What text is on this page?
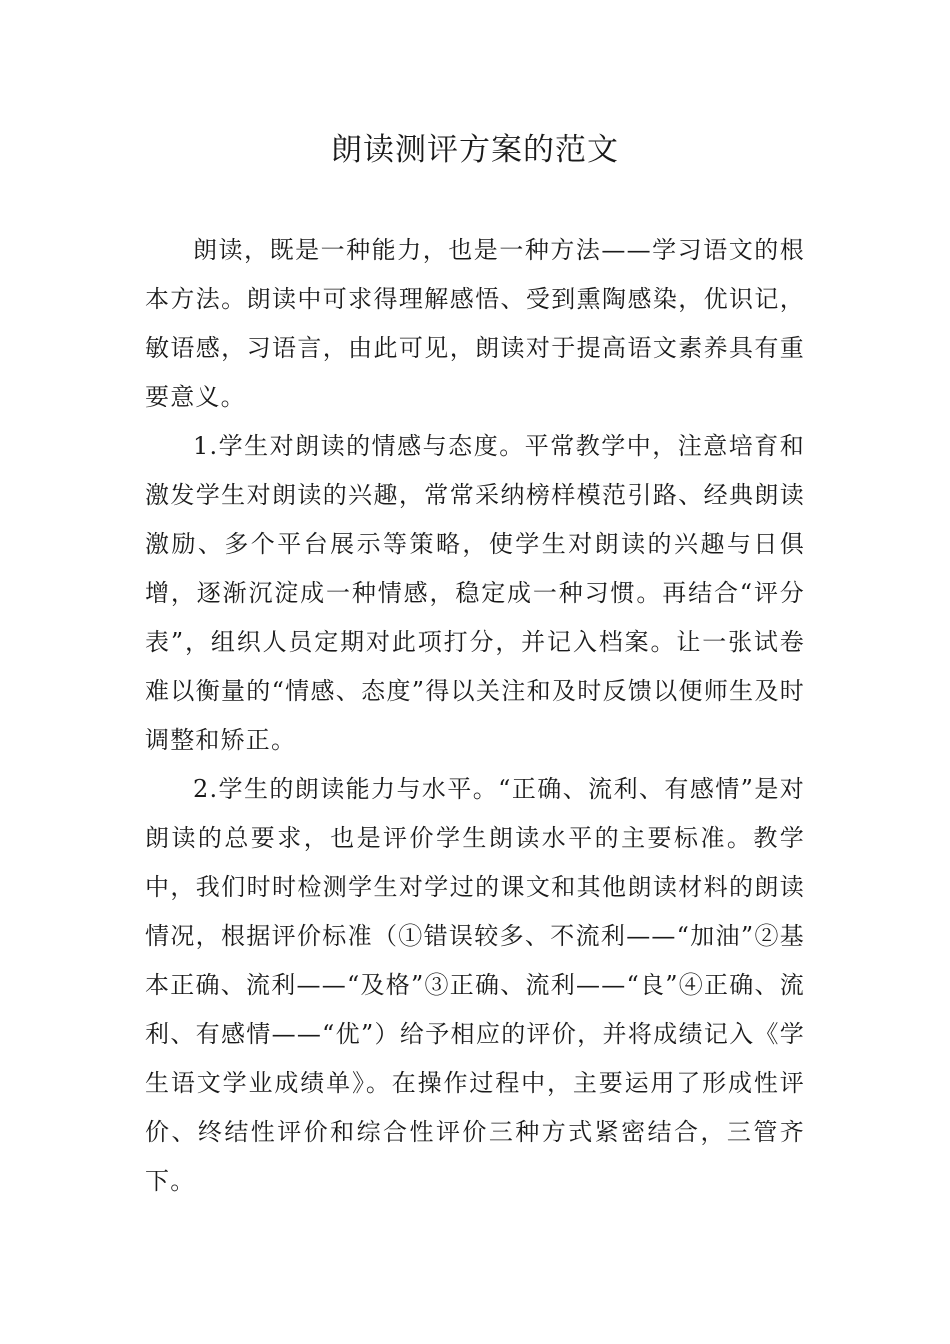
朗读测评方案的范文

朗读，既是一种能力，也是一种方法——学习语文的根本方法。朗读中可求得理解感悟、受到熏陶感染，优识记，敏语感，习语言，由此可见，朗读对于提高语文素养具有重要意义。

1.学生对朗读的情感与态度。平常教学中，注意培育和激发学生对朗读的兴趣，常常采纳榜样模范引路、经典朗读激励、多个平台展示等策略，使学生对朗读的兴趣与日俱增，逐渐沉淀成一种情感，稳定成一种习惯。再结合“评分表”，组织人员定期对此项打分，并记入档案。让一张试卷难以衡量的“情感、态度”得以关注和及时反馈以便师生及时调整和矫正。

2.学生的朗读能力与水平。“正确、流利、有感情”是对朗读的总要求，也是评价学生朗读水平的主要标准。教学中，我们时时检测学生对学过的课文和其他朗读材料的朗读情况，根据评价标准（①错误较多、不流利——“加油”②基本正确、流利——“及格”③正确、流利——“良”④正确、流利、有感情——“优”）给予相应的评价，并将成绩记入《学生语文学业成绩单》。在操作过程中，主要运用了形成性评价、终结性评价和综合性评价三种方式紧密结合，三管齐下。
